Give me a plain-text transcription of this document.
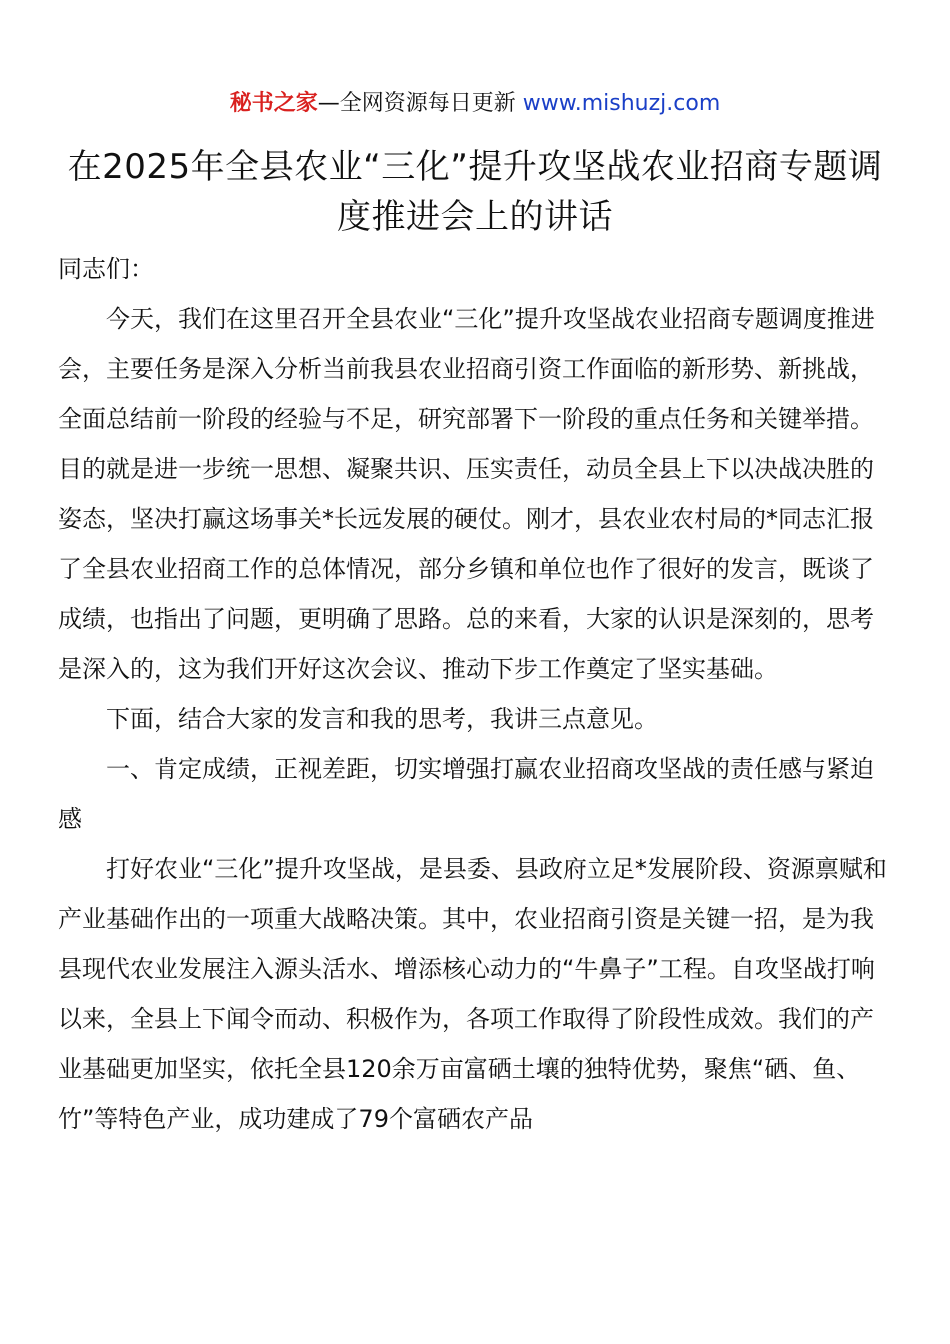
秘书之家—全网资源每日更新 www.mishuzj.com
在2025年全县农业“三化”提升攻坚战农业招商专题调度推进会上的讲话

同志们：

今天，我们在这里召开全县农业“三化”提升攻坚战农业招商专题调度推进会，主要任务是深入分析当前我县农业招商引资工作面临的新形势、新挑战，全面总结前一阶段的经验与不足，研究部署下一阶段的重点任务和关键举措。目的就是进一步统一思想、凝聚共识、压实责任，动员全县上下以决战决胜的姿态，坚决打赢这场事关*长远发展的硬仗。刚才，县农业农村局的*同志汇报了全县农业招商工作的总体情况，部分乡镇和单位也作了很好的发言，既谈了成绩，也指出了问题，更明确了思路。总的来看，大家的认识是深刻的，思考是深入的，这为我们开好这次会议、推动下步工作奠定了坚实基础。

下面，结合大家的发言和我的思考，我讲三点意见。

一、肯定成绩，正视差距，切实增强打赢农业招商攻坚战的责任感与紧迫感

打好农业“三化”提升攻坚战，是县委、县政府立足*发展阶段、资源禀赋和产业基础作出的一项重大战略决策。其中，农业招商引资是关键一招，是为我县现代农业发展注入源头活水、增添核心动力的“牛鼻子”工程。自攻坚战打响以来，全县上下闻令而动、积极作为，各项工作取得了阶段性成效。我们的产业基础更加坚实，依托全县120余万亩富硒土壤的独特优势，聚焦“硒、鱼、竹”等特色产业，成功建成了79个富硒农产品
